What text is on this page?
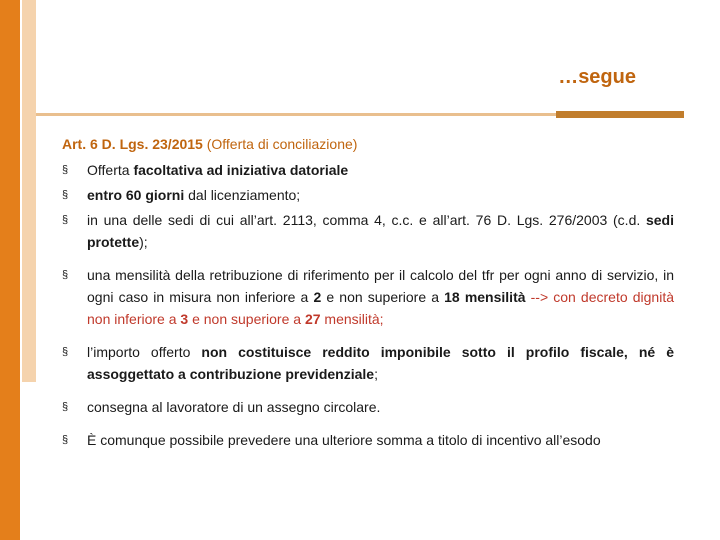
…segue
Art. 6 D. Lgs. 23/2015 (Offerta di conciliazione)
§ Offerta facoltativa ad iniziativa datoriale
§ entro 60 giorni dal licenziamento;
§ in una delle sedi di cui all’art. 2113, comma 4, c.c. e all’art. 76 D. Lgs. 276/2003 (c.d. sedi protette);
§ una mensilità della retribuzione di riferimento per il calcolo del tfr per ogni anno di servizio, in ogni caso in misura non inferiore a 2 e non superiore a 18 mensilità --> con decreto dignità non inferiore a 3 e non superiore a 27 mensilità;
§ l’importo offerto non costituisce reddito imponibile sotto il profilo fiscale, né è assoggettato a contribuzione previdenziale;
§ consegna al lavoratore di un assegno circolare.
§ È comunque possibile prevedere una ulteriore somma a titolo di incentivo all’esodo
